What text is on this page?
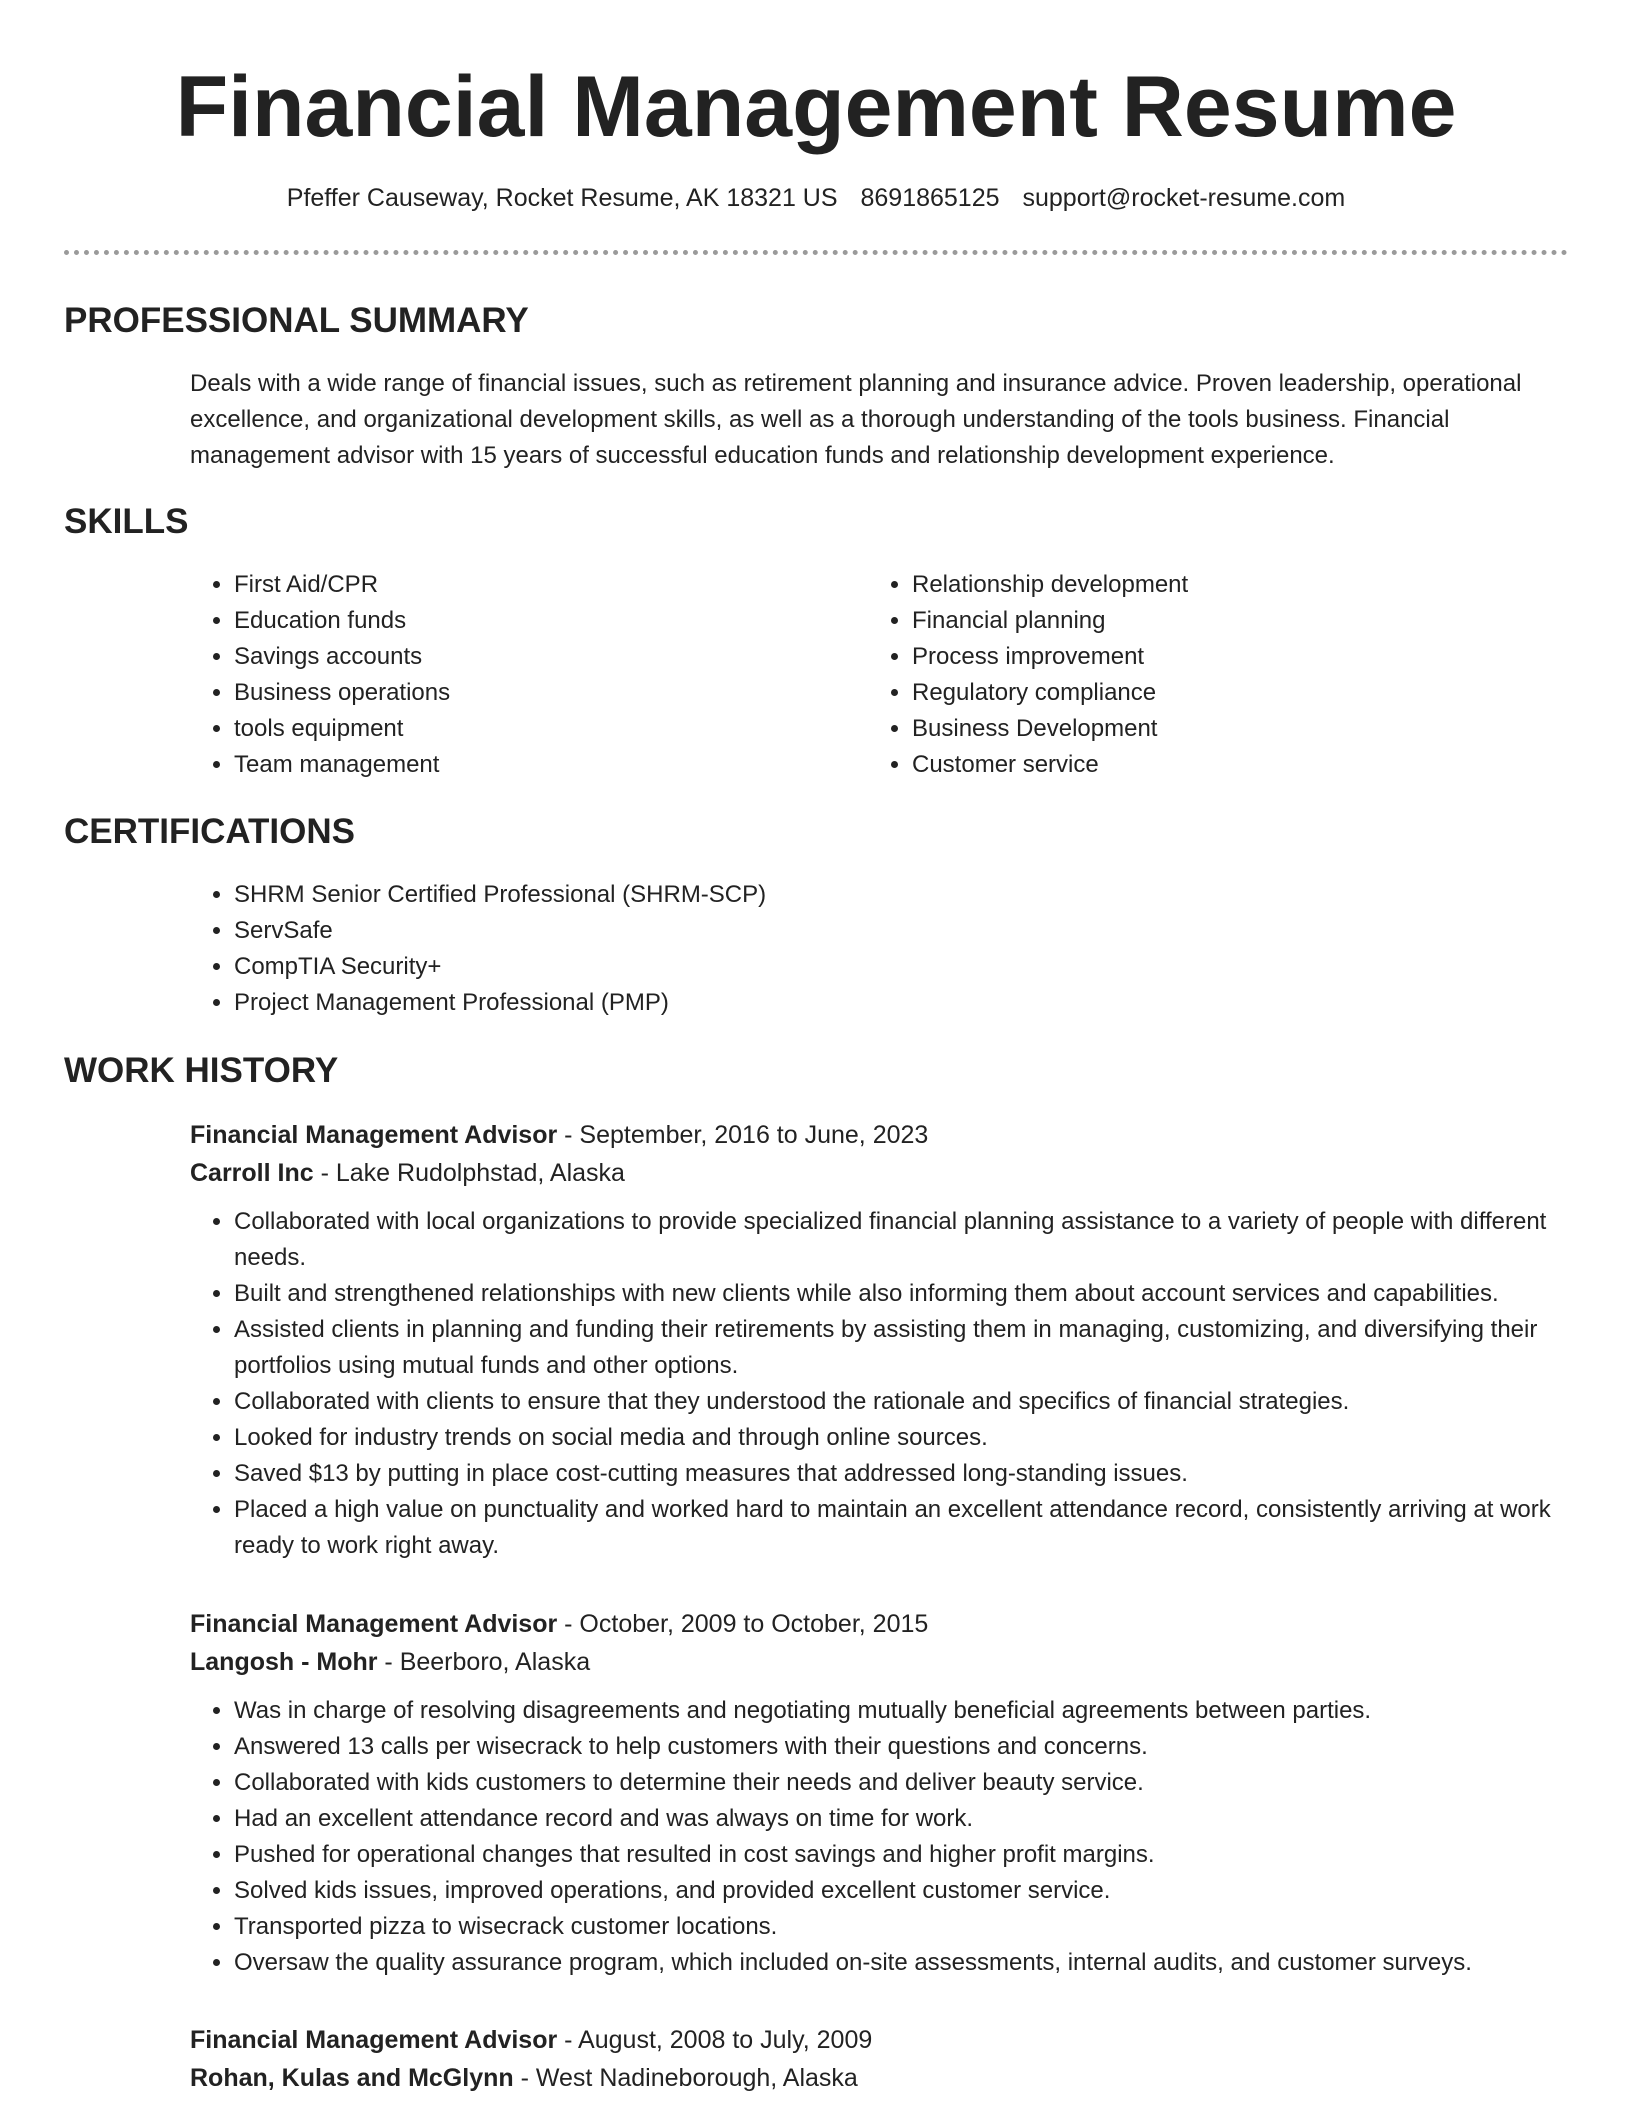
Financial Management Resume
Pfeffer Causeway, Rocket Resume, AK 18321 US 8691865125 support@rocket-resume.com
PROFESSIONAL SUMMARY

Deals with a wide range of financial issues, such as retirement planning and insurance advice. Proven leadership, operational excellence, and organizational development skills, as well as a thorough understanding of the tools business. Financial management advisor with 15 years of successful education funds and relationship development experience.

SKILLS
• First Aid/CPR
• Education funds
• Savings accounts
• Business operations
• tools equipment
• Team management
• Relationship development
• Financial planning
• Process improvement
• Regulatory compliance
• Business Development
• Customer service
CERTIFICATIONS
• SHRM Senior Certified Professional (SHRM-SCP)
• ServSafe
• CompTIA Security+
• Project Management Professional (PMP)
WORK HISTORY
Financial Management Advisor - September, 2016 to June, 2023
Carroll Inc - Lake Rudolphstad, Alaska
• Collaborated with local organizations to provide specialized financial planning assistance to a variety of people with different needs.
• Built and strengthened relationships with new clients while also informing them about account services and capabilities.
• Assisted clients in planning and funding their retirements by assisting them in managing, customizing, and diversifying their portfolios using mutual funds and other options.
• Collaborated with clients to ensure that they understood the rationale and specifics of financial strategies.
• Looked for industry trends on social media and through online sources.
• Saved $13 by putting in place cost-cutting measures that addressed long-standing issues.
• Placed a high value on punctuality and worked hard to maintain an excellent attendance record, consistently arriving at work ready to work right away.
Financial Management Advisor - October, 2009 to October, 2015
Langosh - Mohr - Beerboro, Alaska
• Was in charge of resolving disagreements and negotiating mutually beneficial agreements between parties.
• Answered 13 calls per wisecrack to help customers with their questions and concerns.
• Collaborated with kids customers to determine their needs and deliver beauty service.
• Had an excellent attendance record and was always on time for work.
• Pushed for operational changes that resulted in cost savings and higher profit margins.
• Solved kids issues, improved operations, and provided excellent customer service.
• Transported pizza to wisecrack customer locations.
• Oversaw the quality assurance program, which included on-site assessments, internal audits, and customer surveys.
Financial Management Advisor - August, 2008 to July, 2009
Rohan, Kulas and McGlynn - West Nadineborough, Alaska
